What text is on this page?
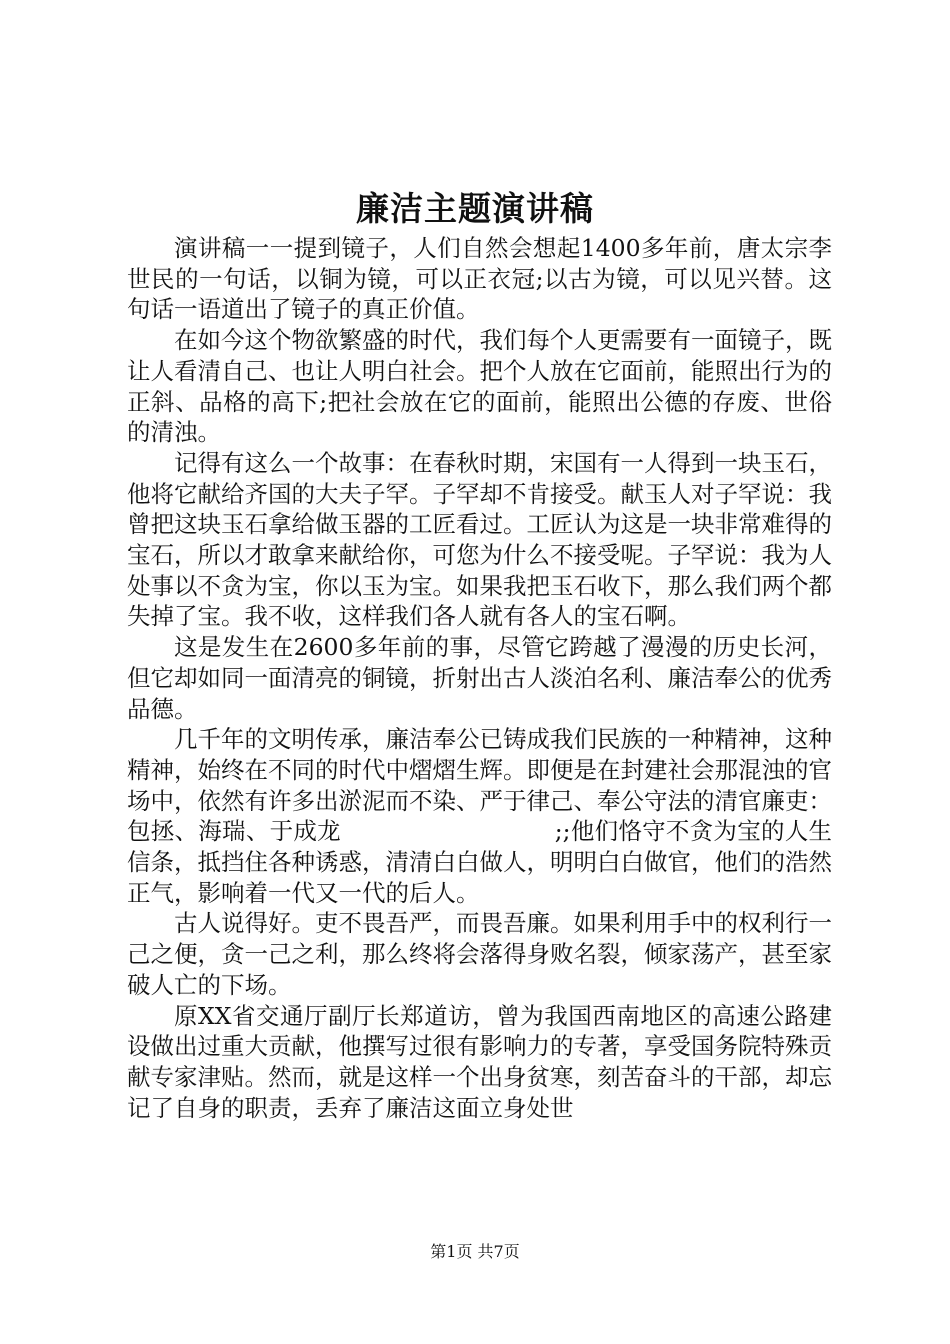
廉洁主题演讲稿

演讲稿一一提到镜子，人们自然会想起1400多年前，唐太宗李世民的一句话，以铜为镜，可以正衣冠;以古为镜，可以见兴替。这句话一语道出了镜子的真正价值。

在如今这个物欲繁盛的时代，我们每个人更需要有一面镜子，既让人看清自己、也让人明白社会。把个人放在它面前，能照出行为的正斜、品格的高下;把社会放在它的面前，能照出公德的存废、世俗的清浊。

记得有这么一个故事：在春秋时期，宋国有一人得到一块玉石，他将它献给齐国的大夫子罕。子罕却不肯接受。献玉人对子罕说：我曾把这块玉石拿给做玉器的工匠看过。工匠认为这是一块非常难得的宝石，所以才敢拿来献给你，可您为什么不接受呢。子罕说：我为人处事以不贪为宝，你以玉为宝。如果我把玉石收下，那么我们两个都失掉了宝。我不收，这样我们各人就有各人的宝石啊。

这是发生在2600多年前的事，尽管它跨越了漫漫的历史长河，但它却如同一面清亮的铜镜，折射出古人淡泊名利、廉洁奉公的优秀品德。

几千年的文明传承，廉洁奉公已铸成我们民族的一种精神，这种精神，始终在不同的时代中熠熠生辉。即便是在封建社会那混浊的官场中，依然有许多出淤泥而不染、严于律己、奉公守法的清官廉吏：包拯、海瑞、于成龙　　　　　　　　　;;他们恪守不贪为宝的人生信条，抵挡住各种诱惑，清清白白做人，明明白白做官，他们的浩然正气，影响着一代又一代的后人。

古人说得好。吏不畏吾严，而畏吾廉。如果利用手中的权利行一己之便，贪一己之利，那么终将会落得身败名裂，倾家荡产，甚至家破人亡的下场。

原XX省交通厅副厅长郑道访，曾为我国西南地区的高速公路建设做出过重大贡献，他撰写过很有影响力的专著，享受国务院特殊贡献专家津贴。然而，就是这样一个出身贫寒，刻苦奋斗的干部，却忘记了自身的职责，丢弃了廉洁这面立身处世

第1页 共7页
